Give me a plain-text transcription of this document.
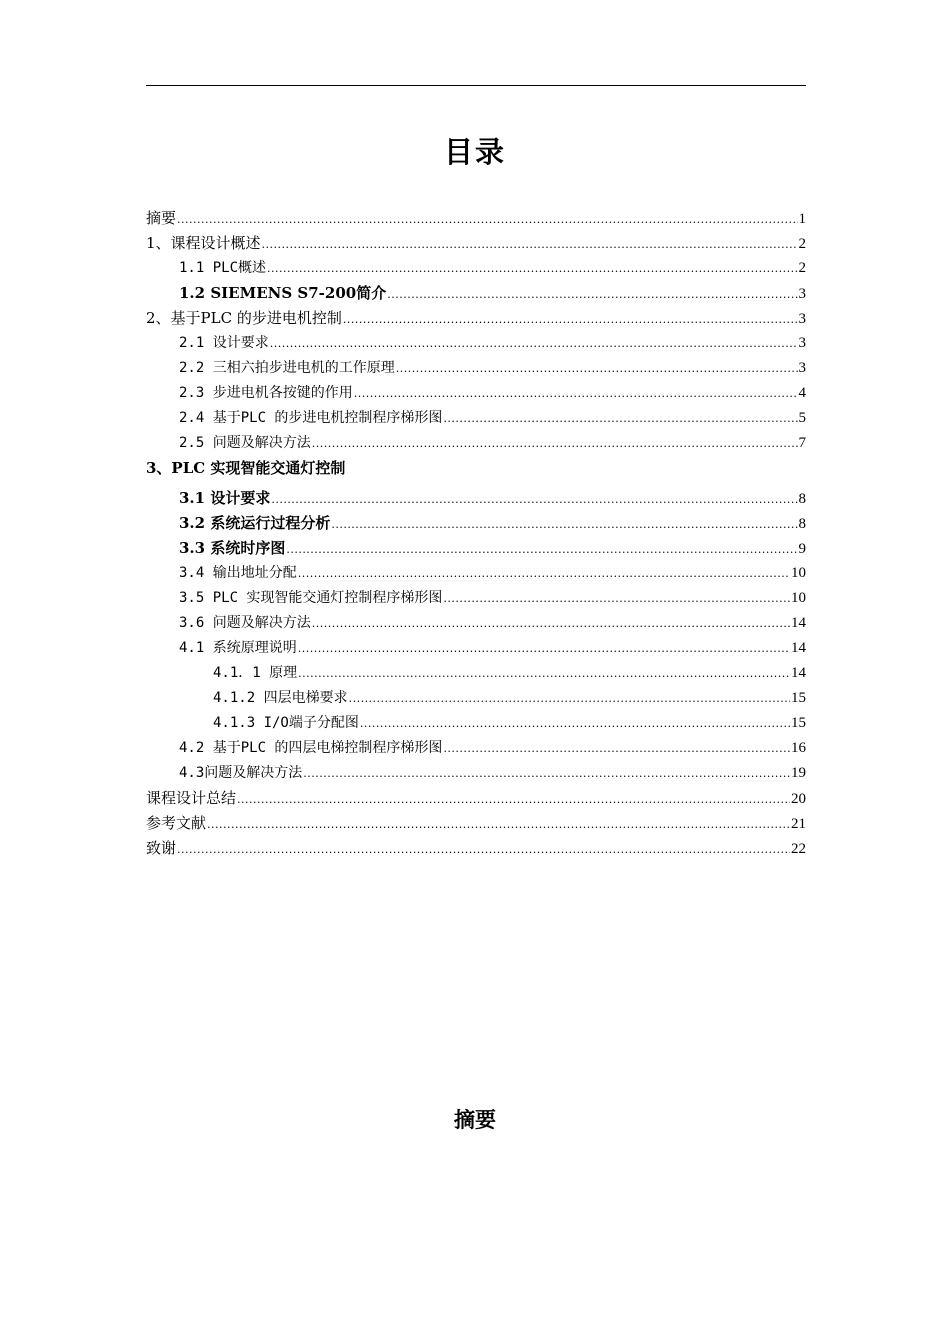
目录
摘要 .....	1
1、课程设计概述 .....	2
1.1 PLC概述 .....	2
1.2 SIEMENS S7-200简介 .....	3
2、基于PLC 的步进电机控制 .....	3
2.1 设计要求 .....	3
2.2 三相六拍步进电机的工作原理 .....	3
2.3 步进电机各按键的作用 .....	4
2.4 基于PLC 的步进电机控制程序梯形图 .....	5
2.5 问题及解决方法 .....	7
3、PLC 实现智能交通灯控制
3.1 设计要求 .....	8
3.2 系统运行过程分析 .....	8
3.3 系统时序图 .....	9
3.4 输出地址分配 .....	10
3.5 PLC 实现智能交通灯控制程序梯形图 .....	10
3.6 问题及解决方法 .....	14
4.1 系统原理说明 .....	14
4.1．1 原理 .....	14
4.1.2 四层电梯要求 .....	15
4.1.3 I/O端子分配图 .....	15
4.2 基于PLC 的四层电梯控制程序梯形图 .....	16
4.3问题及解决方法 .....	19
课程设计总结 .....	20
参考文献 .....	21
致谢 .....	22
摘要
